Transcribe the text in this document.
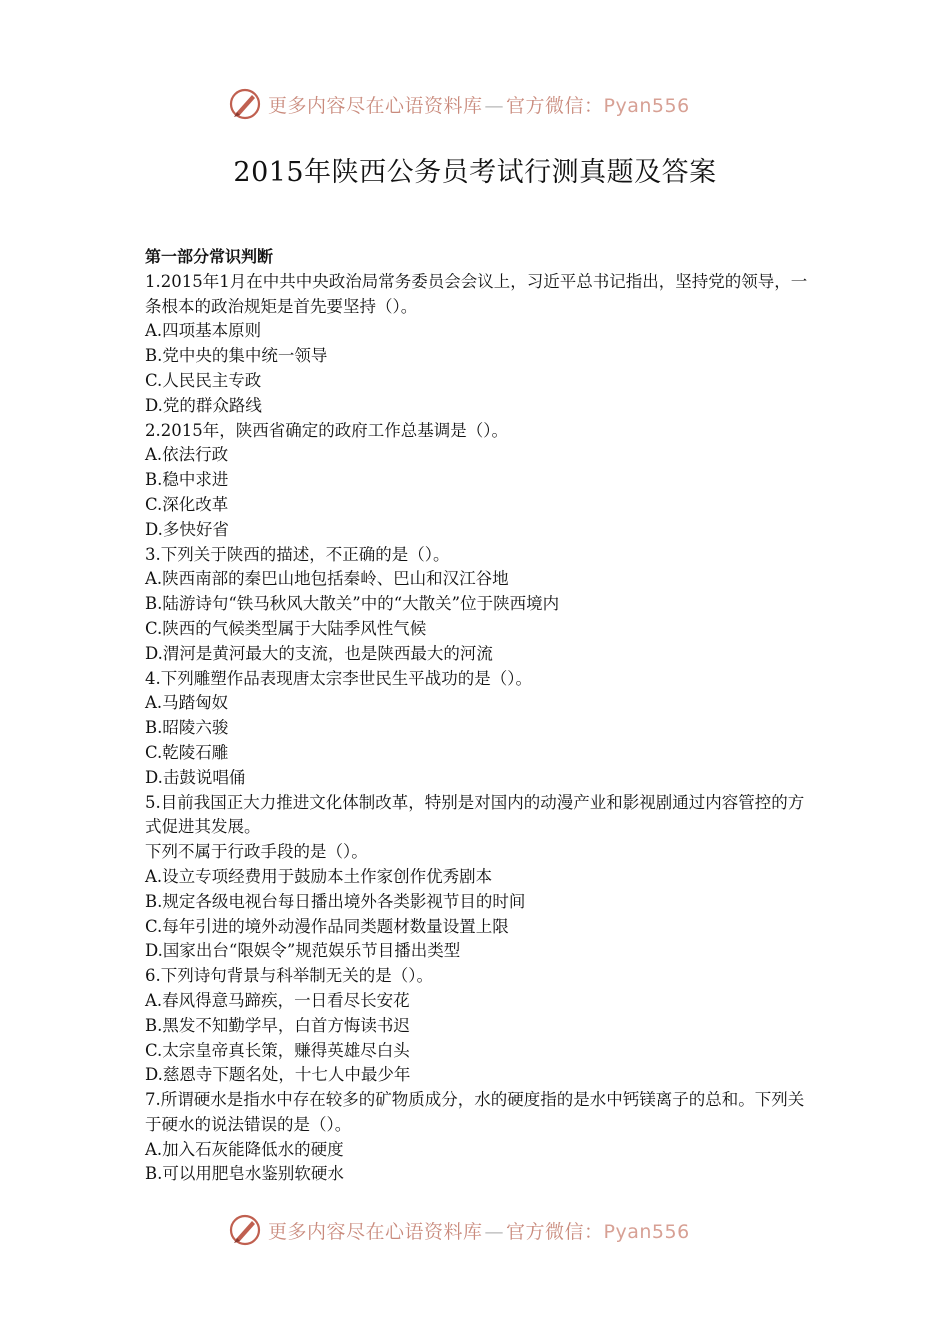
更多内容尽在心语资料库 — 官方微信：Pyan556
2015年陕西公务员考试行测真题及答案
第一部分常识判断
1.2015年1月在中共中央政治局常务委员会会议上，习近平总书记指出，坚持党的领导，一条根本的政治规矩是首先要坚持（）。
A.四项基本原则
B.党中央的集中统一领导
C.人民民主专政
D.党的群众路线
2.2015年，陕西省确定的政府工作总基调是（）。
A.依法行政
B.稳中求进
C.深化改革
D.多快好省
3.下列关于陕西的描述，不正确的是（）。
A.陕西南部的秦巴山地包括秦岭、巴山和汉江谷地
B.陆游诗句“铁马秋风大散关”中的“大散关”位于陕西境内
C.陕西的气候类型属于大陆季风性气候
D.渭河是黄河最大的支流，也是陕西最大的河流
4.下列雕塑作品表现唐太宗李世民生平战功的是（）。
A.马踏匈奴
B.昭陵六骏
C.乾陵石雕
D.击鼓说唱俑
5.目前我国正大力推进文化体制改革，特别是对国内的动漫产业和影视剧通过内容管控的方式促进其发展。
下列不属于行政手段的是（）。
A.设立专项经费用于鼓励本土作家创作优秀剧本
B.规定各级电视台每日播出境外各类影视节目的时间
C.每年引进的境外动漫作品同类题材数量设置上限
D.国家出台“限娱令”规范娱乐节目播出类型
6.下列诗句背景与科举制无关的是（）。
A.春风得意马蹄疾，一日看尽长安花
B.黑发不知勤学早，白首方悔读书迟
C.太宗皇帝真长策，赚得英雄尽白头
D.慈恩寺下题名处，十七人中最少年
7.所谓硬水是指水中存在较多的矿物质成分，水的硬度指的是水中钙镁离子的总和。下列关于硬水的说法错误的是（）。
A.加入石灰能降低水的硬度
B.可以用肥皂水鉴别软硬水
更多内容尽在心语资料库 — 官方微信：Pyan556
